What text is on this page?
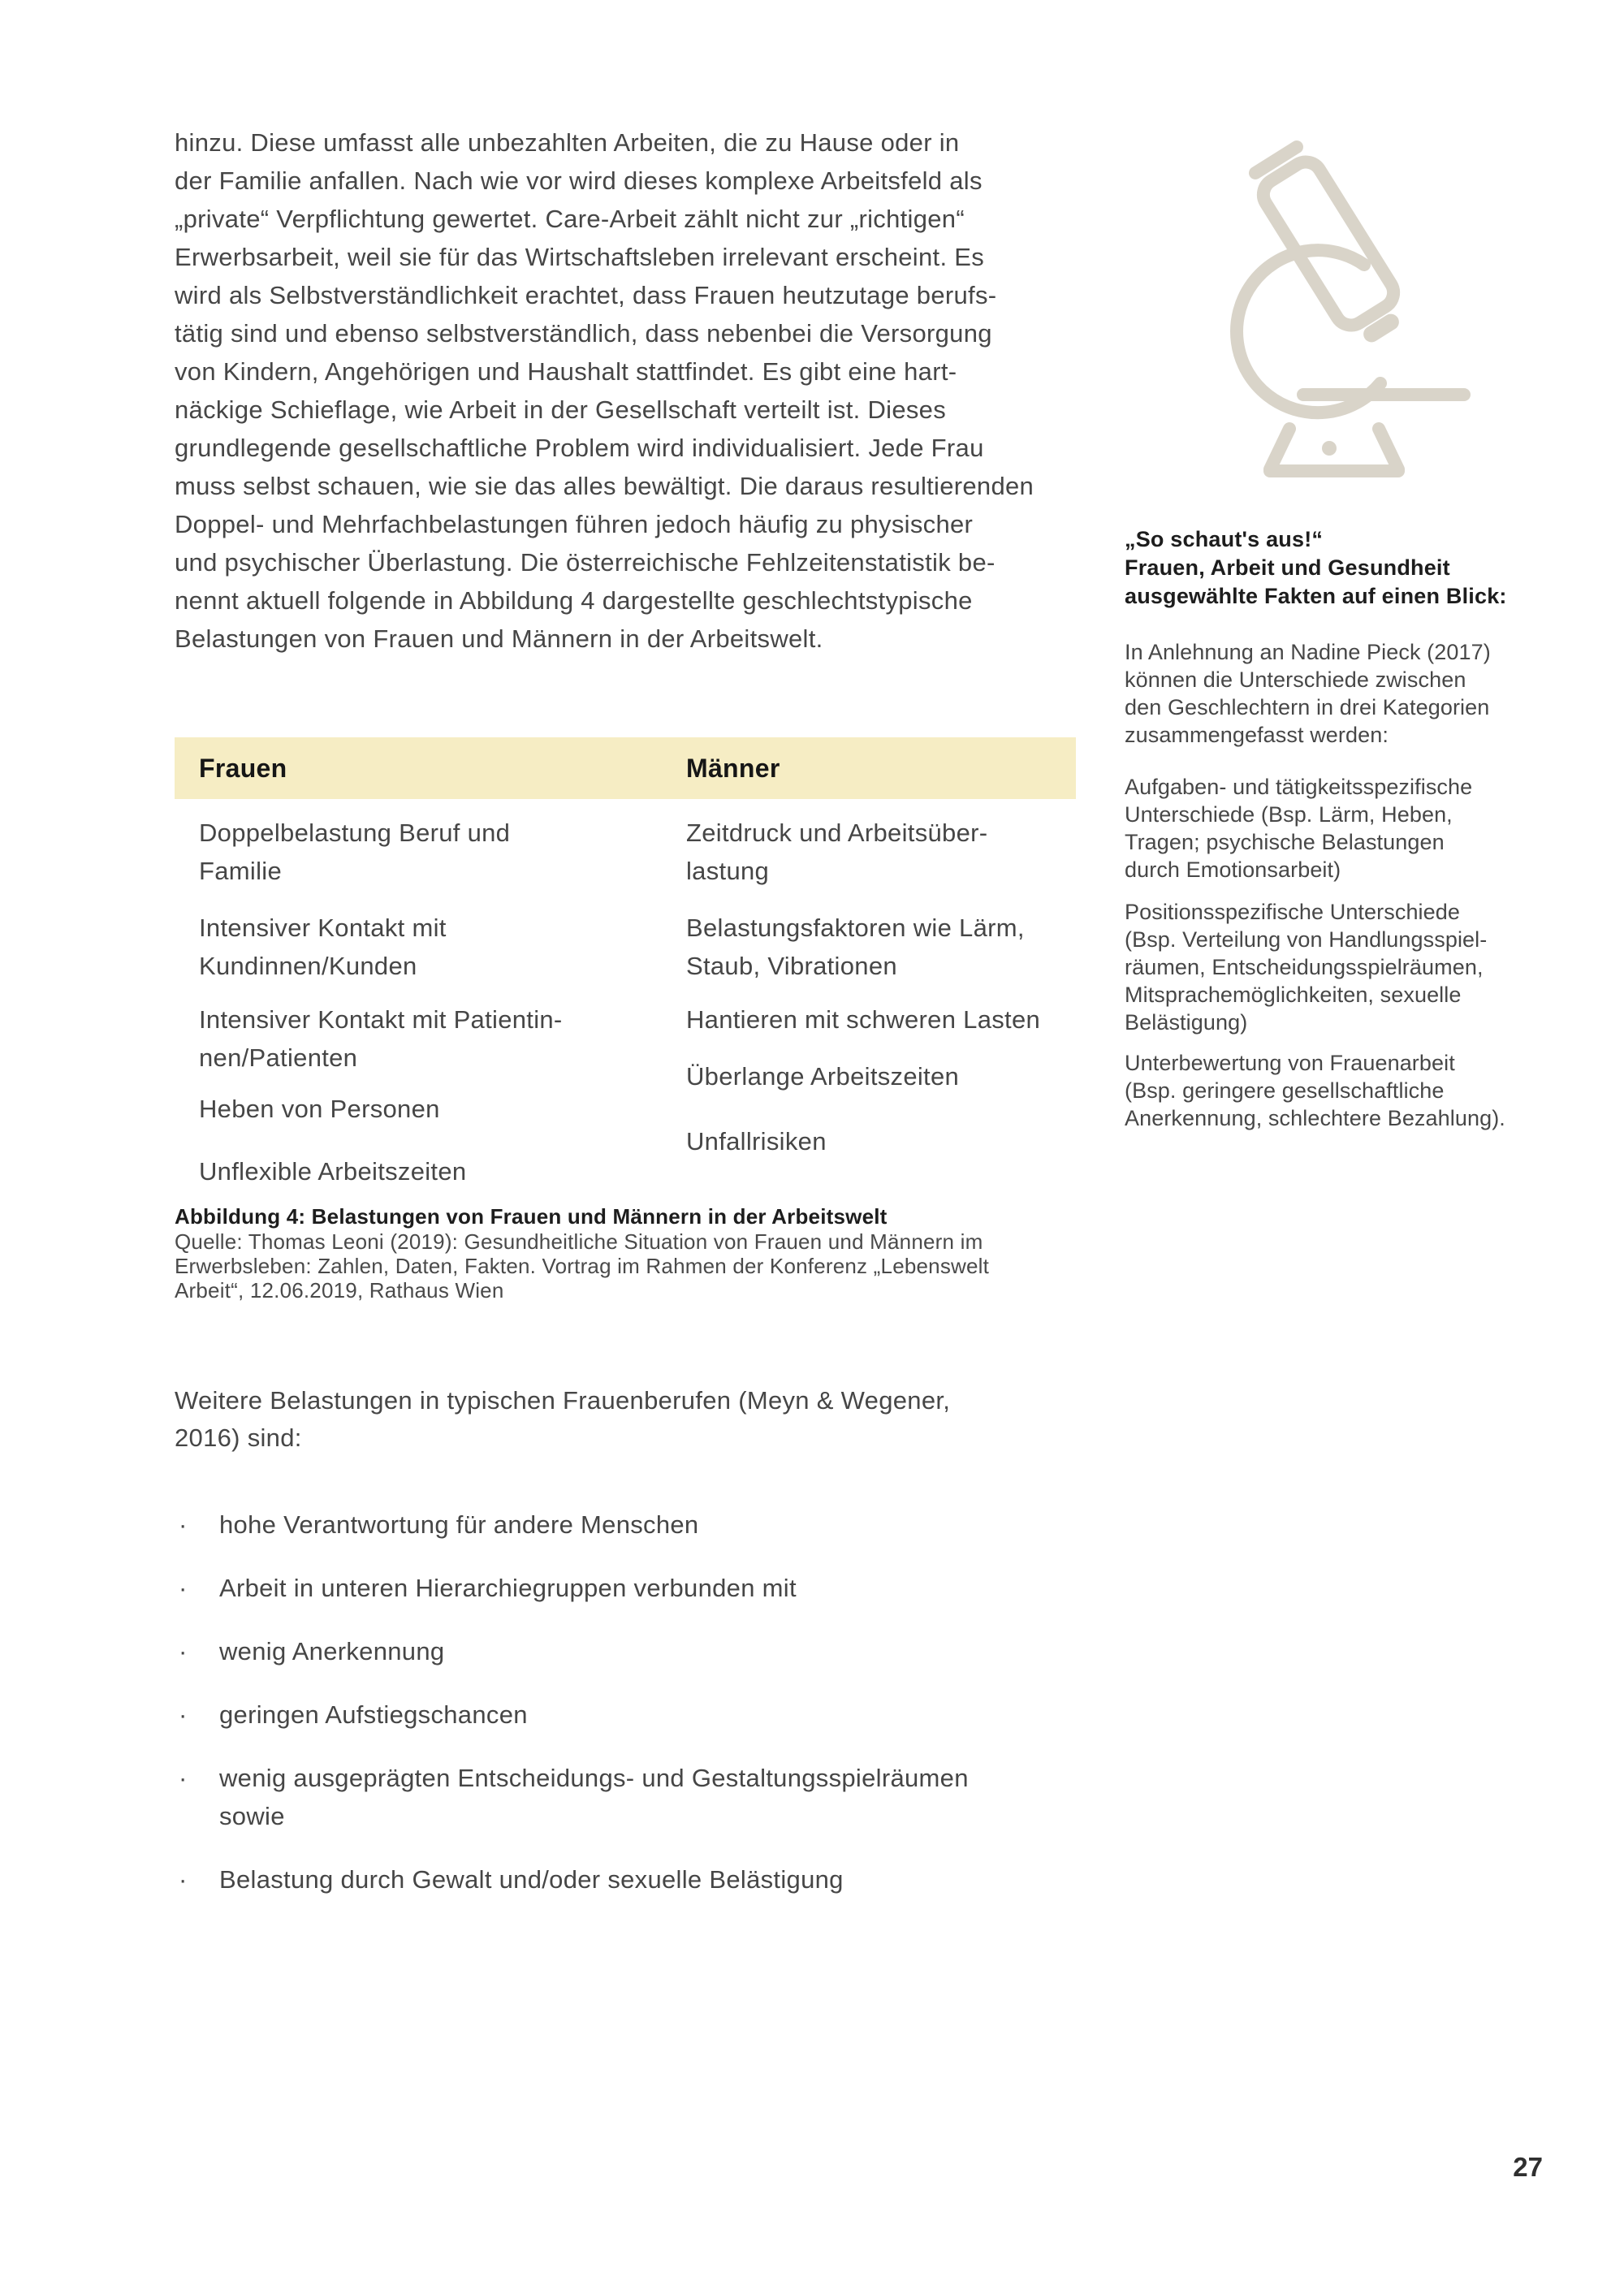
hinzu. Diese umfasst alle unbezahlten Arbeiten, die zu Hause oder in
der Familie anfallen. Nach wie vor wird dieses komplexe Arbeitsfeld als
„private“ Verpflichtung gewertet. Care-Arbeit zählt nicht zur „richtigen“
Erwerbsarbeit, weil sie für das Wirtschaftsleben irrelevant erscheint. Es
wird als Selbstverständlichkeit erachtet, dass Frauen heutzutage berufs-
tätig sind und ebenso selbstverständlich, dass nebenbei die Versorgung
von Kindern, Angehörigen und Haushalt stattfindet. Es gibt eine hart-
näckige Schieflage, wie Arbeit in der Gesellschaft verteilt ist. Dieses
grundlegende gesellschaftliche Problem wird individualisiert. Jede Frau
muss selbst schauen, wie sie das alles bewältigt. Die daraus resultierenden
Doppel- und Mehrfachbelastungen führen jedoch häufig zu physischer
und psychischer Überlastung. Die österreichische Fehlzeitenstatistik be-
nennt aktuell folgende in Abbildung 4 dargestellte geschlechtstypische
Belastungen von Frauen und Männern in der Arbeitswelt.
Frauen	Männer
Doppelbelastung Beruf und
Familie
Intensiver Kontakt mit
Kundinnen/Kunden
Intensiver Kontakt mit Patientin-
nen/Patienten
Heben von Personen
Unflexible Arbeitszeiten
Zeitdruck und Arbeitsüber-
lastung
Belastungsfaktoren wie Lärm,
Staub, Vibrationen
Hantieren mit schweren Lasten
Überlange Arbeitszeiten
Unfallrisiken
Abbildung 4: Belastungen von Frauen und Männern in der Arbeitswelt
Quelle: Thomas Leoni (2019): Gesundheitliche Situation von Frauen und Männern im
Erwerbsleben: Zahlen, Daten, Fakten. Vortrag im Rahmen der Konferenz „Lebenswelt
Arbeit“, 12.06.2019, Rathaus Wien
Weitere Belastungen in typischen Frauenberufen (Meyn & Wegener,
2016) sind:
· hohe Verantwortung für andere Menschen
· Arbeit in unteren Hierarchiegruppen verbunden mit
· wenig Anerkennung
· geringen Aufstiegschancen
· wenig ausgeprägten Entscheidungs- und Gestaltungsspielräumen
sowie
· Belastung durch Gewalt und/oder sexuelle Belästigung
„So schaut's aus!“
Frauen, Arbeit und Gesundheit
ausgewählte Fakten auf einen Blick:
In Anlehnung an Nadine Pieck (2017)
können die Unterschiede zwischen
den Geschlechtern in drei Kategorien
zusammengefasst werden:
Aufgaben- und tätigkeitsspezifische
Unterschiede (Bsp. Lärm, Heben,
Tragen; psychische Belastungen
durch Emotionsarbeit)
Positionsspezifische Unterschiede
(Bsp. Verteilung von Handlungsspiel-
räumen, Entscheidungsspielräumen,
Mitsprachemöglichkeiten, sexuelle
Belästigung)
Unterbewertung von Frauenarbeit
(Bsp. geringere gesellschaftliche
Anerkennung, schlechtere Bezahlung).
27
